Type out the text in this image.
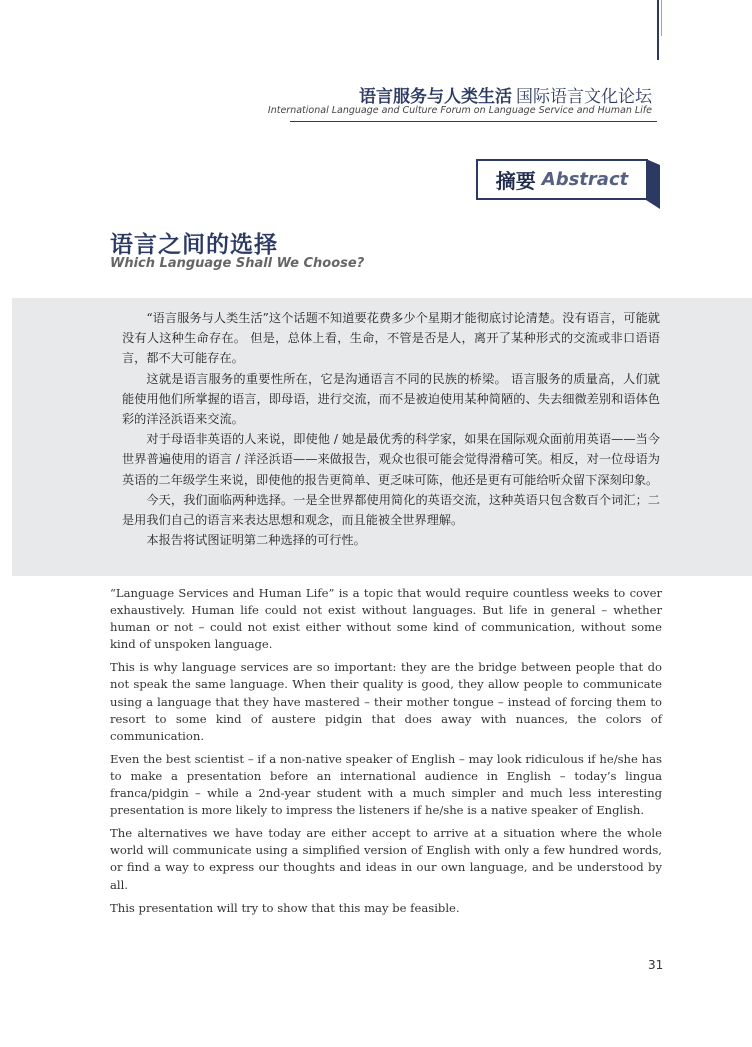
语言服务与人类生活 国际语言文化论坛
International Language and Culture Forum on Language Service and Human Life
摘要 Abstract
语言之间的选择
Which Language Shall We Choose?

“语言服务与人类生活”这个话题不知道要花费多少个星期才能彻底讨论清楚。没有语言，可能就没有人这种生命存在。 但是，总体上看，生命，不管是否是人，离开了某种形式的交流或非口语语言，都不大可能存在。

这就是语言服务的重要性所在，它是沟通语言不同的民族的桥梁。 语言服务的质量高，人们就能使用他们所掌握的语言，即母语，进行交流，而不是被迫使用某种简陋的、失去细微差别和语体色彩的洋泾浜语来交流。

对于母语非英语的人来说，即使他 / 她是最优秀的科学家，如果在国际观众面前用英语——当今世界普遍使用的语言 / 洋泾浜语——来做报告，观众也很可能会觉得滑稽可笑。相反，对一位母语为英语的二年级学生来说，即使他的报告更简单、更乏味可陈，他还是更有可能给听众留下深刻印象。

今天，我们面临两种选择。一是全世界都使用简化的英语交流，这种英语只包含数百个词汇；二是用我们自己的语言来表达思想和观念，而且能被全世界理解。

本报告将试图证明第二种选择的可行性。

“Language Services and Human Life” is a topic that would require countless weeks to cover exhaustively. Human life could not exist without languages. But life in general – whether human or not – could not exist either without some kind of communication, without some kind of unspoken language.

This is why language services are so important: they are the bridge between people that do not speak the same language. When their quality is good, they allow people to communicate using a language that they have mastered – their mother tongue – instead of forcing them to resort to some kind of austere pidgin that does away with nuances, the colors of communication.

Even the best scientist – if a non-native speaker of English – may look ridiculous if he/she has to make a presentation before an international audience in English – today’s lingua franca/pidgin – while a 2nd-year student with a much simpler and much less interesting presentation is more likely to impress the listeners if he/she is a native speaker of English.

The alternatives we have today are either accept to arrive at a situation where the whole world will communicate using a simplified version of English with only a few hundred words, or find a way to express our thoughts and ideas in our own language, and be understood by all.

This presentation will try to show that this may be feasible.

31
